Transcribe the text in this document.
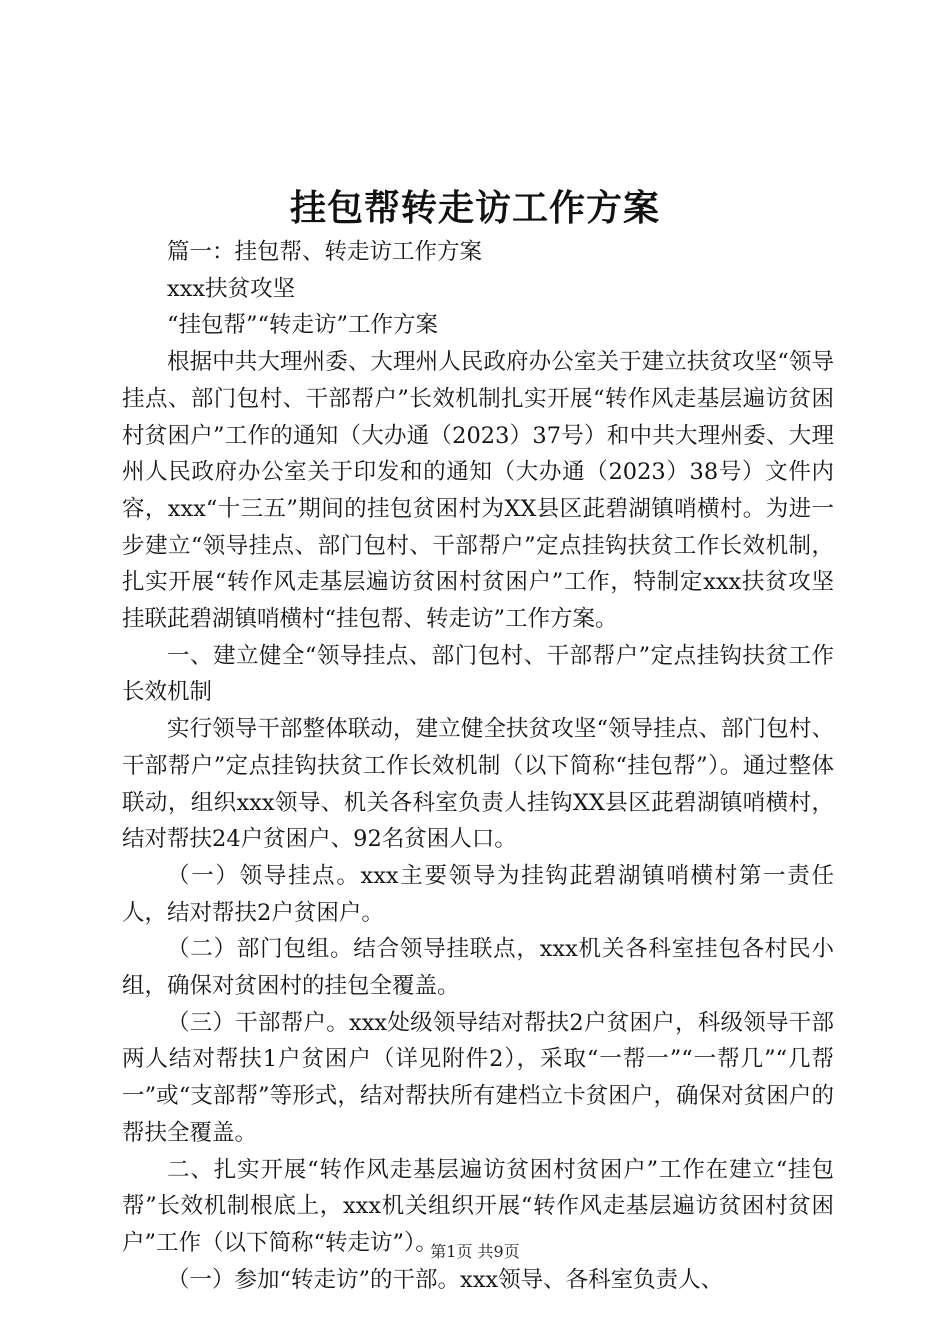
挂包帮转走访工作方案

篇一：挂包帮、转走访工作方案

xxx扶贫攻坚

“挂包帮”“转走访”工作方案

根据中共大理州委、大理州人民政府办公室关于建立扶贫攻坚“领导挂点、部门包村、干部帮户”长效机制扎实开展“转作风走基层遍访贫困村贫困户”工作的通知（大办通（2023）37号）和中共大理州委、大理州人民政府办公室关于印发和的通知（大办通（2023）38号）文件内容，xxx“十三五”期间的挂包贫困村为XX县区茈碧湖镇哨横村。为进一步建立“领导挂点、部门包村、干部帮户”定点挂钩扶贫工作长效机制，扎实开展“转作风走基层遍访贫困村贫困户”工作，特制定xxx扶贫攻坚挂联茈碧湖镇哨横村“挂包帮、转走访”工作方案。

一、建立健全“领导挂点、部门包村、干部帮户”定点挂钩扶贫工作长效机制

实行领导干部整体联动，建立健全扶贫攻坚“领导挂点、部门包村、干部帮户”定点挂钩扶贫工作长效机制（以下简称“挂包帮”）。通过整体联动，组织xxx领导、机关各科室负责人挂钩XX县区茈碧湖镇哨横村，结对帮扶24户贫困户、92名贫困人口。

（一）领导挂点。xxx主要领导为挂钩茈碧湖镇哨横村第一责任人，结对帮扶2户贫困户。

（二）部门包组。结合领导挂联点，xxx机关各科室挂包各村民小组，确保对贫困村的挂包全覆盖。

（三）干部帮户。xxx处级领导结对帮扶2户贫困户，科级领导干部两人结对帮扶1户贫困户（详见附件2），采取“一帮一”“一帮几”“几帮一”或“支部帮”等形式，结对帮扶所有建档立卡贫困户，确保对贫困户的帮扶全覆盖。

二、扎实开展“转作风走基层遍访贫困村贫困户”工作在建立“挂包帮”长效机制根底上，xxx机关组织开展“转作风走基层遍访贫困村贫困户”工作（以下简称“转走访”）。

（一）参加“转走访”的干部。xxx领导、各科室负责人、

第1页 共9页
